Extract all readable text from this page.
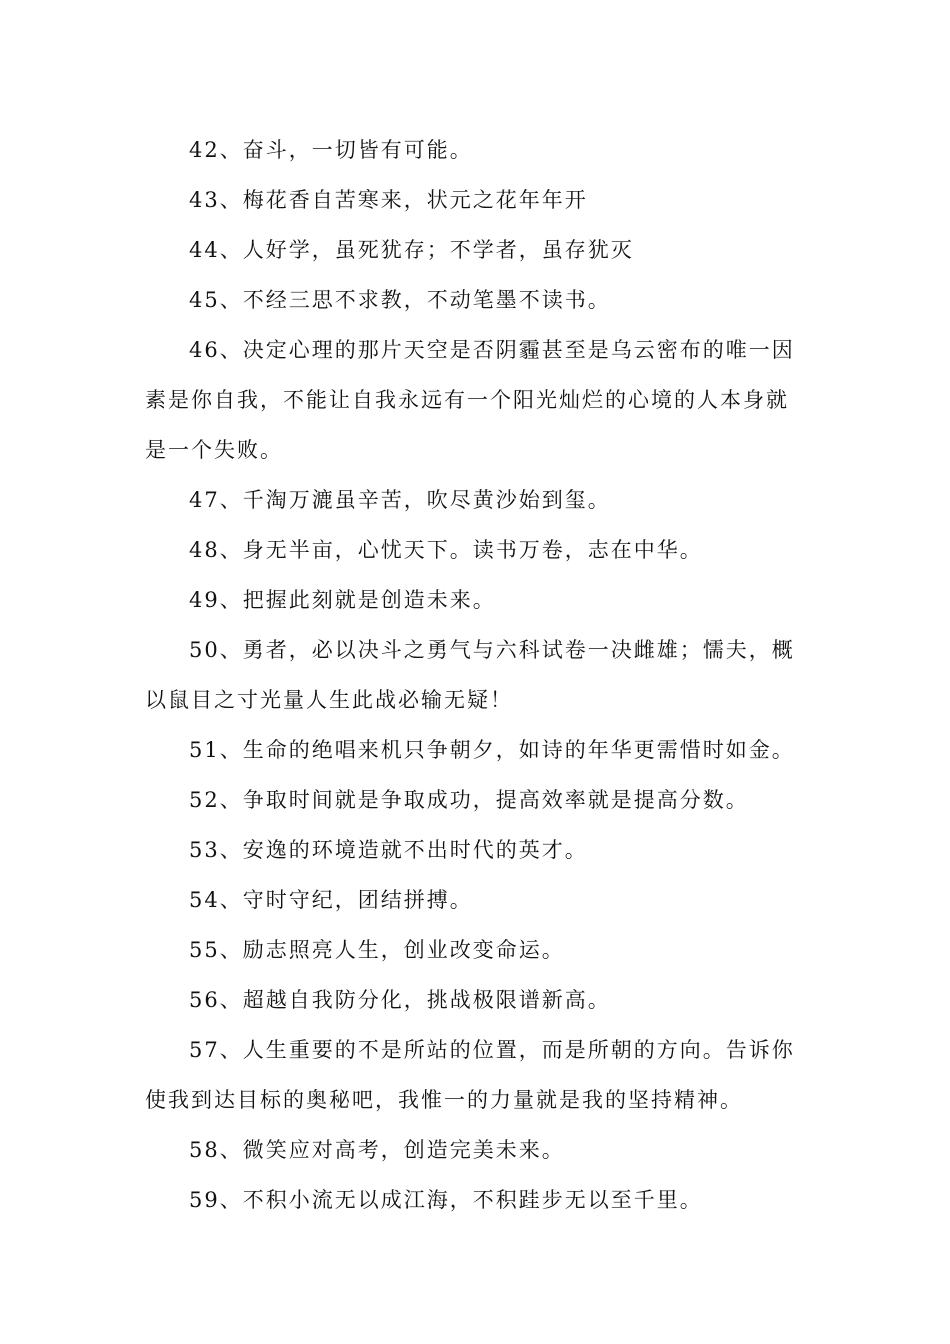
42、奋斗，一切皆有可能。

43、梅花香自苦寒来，状元之花年年开

44、人好学，虽死犹存；不学者，虽存犹灭

45、不经三思不求教，不动笔墨不读书。

46、决定心理的那片天空是否阴霾甚至是乌云密布的唯一因素是你自我，不能让自我永远有一个阳光灿烂的心境的人本身就是一个失败。

47、千淘万漉虽辛苦，吹尽黄沙始到玺。

48、身无半亩，心忧天下。读书万卷，志在中华。

49、把握此刻就是创造未来。

50、勇者，必以决斗之勇气与六科试卷一决雌雄；懦夫，概以鼠目之寸光量人生此战必输无疑！

51、生命的绝唱来机只争朝夕，如诗的年华更需惜时如金。

52、争取时间就是争取成功，提高效率就是提高分数。

53、安逸的环境造就不出时代的英才。

54、守时守纪，团结拼搏。

55、励志照亮人生，创业改变命运。

56、超越自我防分化，挑战极限谱新高。

57、人生重要的不是所站的位置，而是所朝的方向。告诉你使我到达目标的奥秘吧，我惟一的力量就是我的坚持精神。

58、微笑应对高考，创造完美未来。

59、不积小流无以成江海，不积跬步无以至千里。
